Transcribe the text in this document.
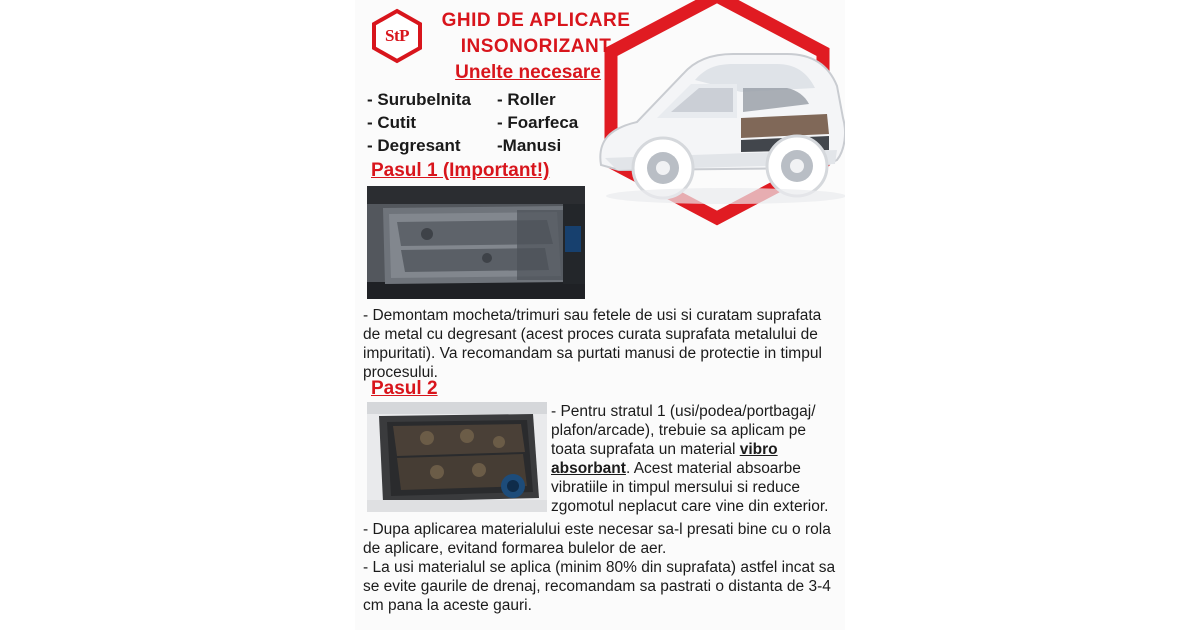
StP
GHID DE APLICARE
INSONORIZANT
Unelte necesare
- Surubelnita
- Cutit
- Degresant
- Roller
- Foarfeca
-Manusi
Pasul 1 (Important!)
- Demontam mocheta/trimuri sau fetele de usi si curatam suprafata de metal cu degresant (acest proces curata suprafata metalului de impuritati). Va recomandam sa purtati manusi de protectie in timpul procesului.
Pasul 2
- Pentru stratul 1 (usi/podea/portbagaj/ plafon/arcade), trebuie sa aplicam pe toata suprafata un material vibro absorbant. Acest material absoarbe vibratiile in timpul mersului si reduce zgomotul neplacut care vine din exterior.
- Dupa aplicarea materialului este necesar sa-l presati bine cu o rola de aplicare, evitand formarea bulelor de aer.
- La usi materialul se aplica (minim 80% din suprafata) astfel incat sa se evite gaurile de drenaj, recomandam sa pastrati o distanta de 3-4 cm pana la aceste gauri.
